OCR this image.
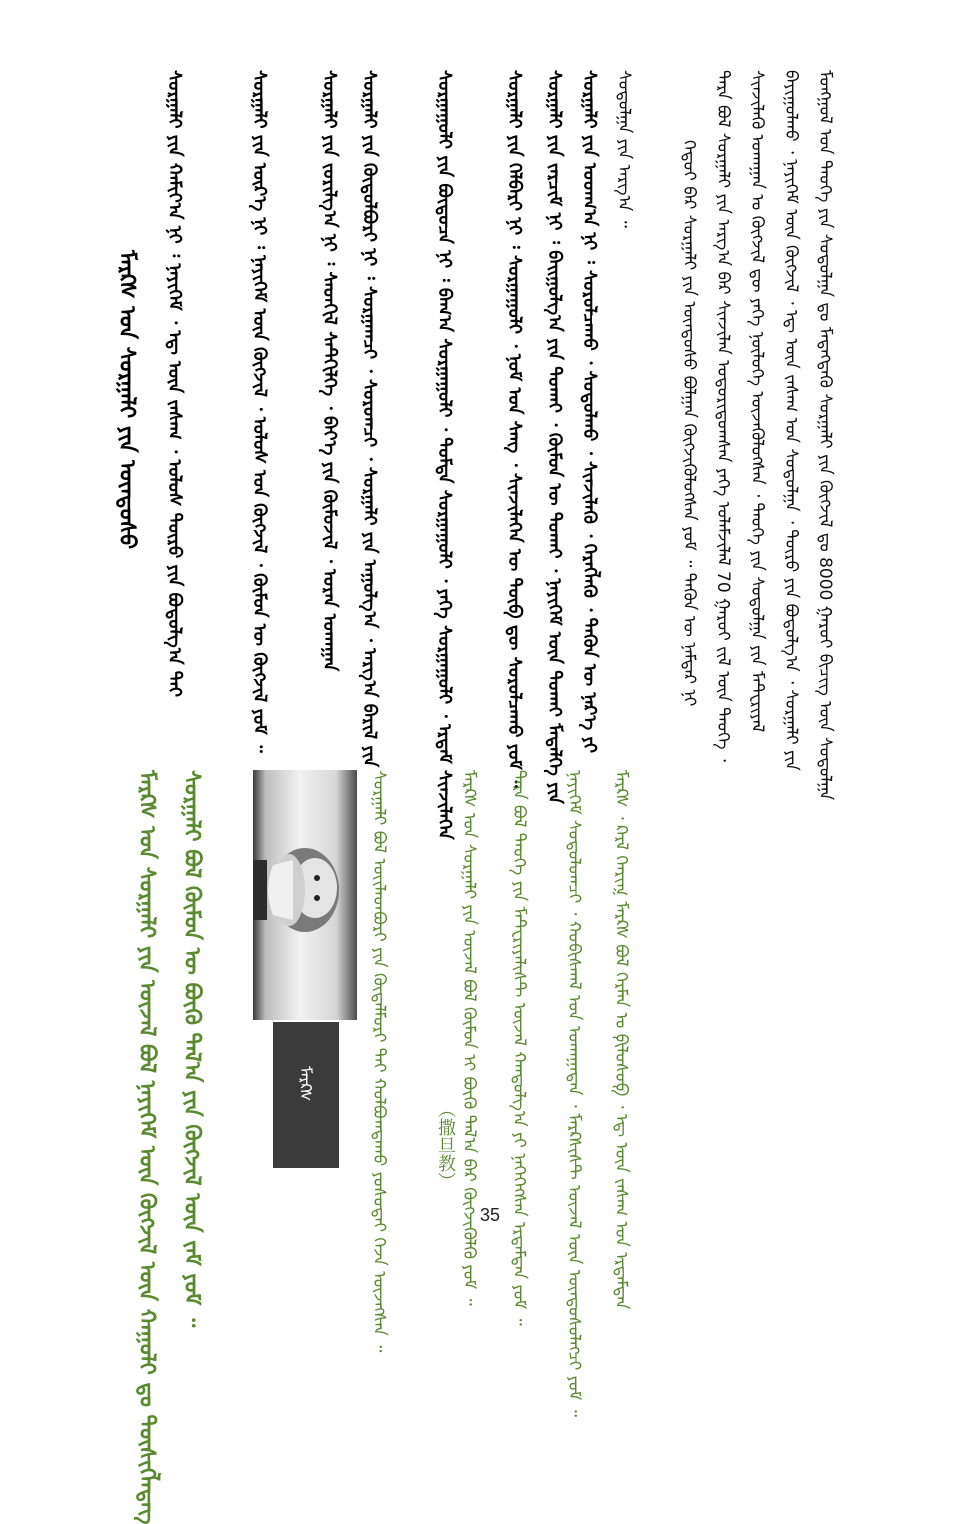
ᠮᠣᠩᠭᠤᠯ ᠤᠨ ᠲᠡᠦᠬᠡ ᠶᠢᠨ ᠰᠤᠳᠤᠯᠭᠠ ᠳᠤ ᠮᠡᠳᠡᠭᠳᠡᠬᠦ ᠰᠤᠷᠭᠠᠯᠢ ᠶᠢᠨ ᠬᠥᠭᠵᠢᠯ ᠳᠤ 8000 ᠭᠠᠷᠤᠢ ᠪᠢᠴᠢᠭ ᠦᠨ ᠰᠤᠳᠤᠯᠭᠠ
ᠪᠠᠶᠢᠭᠤᠯᠬᠤ ᠂ ᠨᠡᠶᠢᠭᠡᠮ ᠦᠨ ᠬᠥᠭᠵᠢᠯ ᠂ ᠡᠳ᠋ ᠦᠨ ᠵᠠᠰᠠᠭ ᠤᠨ ᠰᠤᠳᠤᠯᠭᠠ ᠂ ᠲᠦᠷᠦ ᠶᠢᠨ ᠪᠣᠳᠤᠯᠭ᠎ᠠ ᠂ ᠰᠤᠷᠭᠠᠯᠢ ᠶᠢᠨ
ᠰᠢᠨᠵᠢᠯᠡᠬᠦ ᠤᠬᠠᠭᠠᠨ ᠤ ᠬᠥᠭᠵᠢᠯ ᠳᠦ ᠶᠡᠬᠡ ᠨᠥᠯᠦᠭᠡ ᠦᠵᠡᠭᠦᠯᠦᠭᠰᠡᠨ ᠂ ᠲᠡᠦᠬᠡ ᠶᠢᠨ ᠰᠤᠳᠤᠯᠭᠠ ᠶᠢᠨ ᠮᠠᠲ᠋ᠧᠷᠢᠶᠠᠯ
ᠲᠡᠷᠡ ᠪᠣᠯ ᠰᠤᠷᠭᠠᠯᠢ ᠶᠢᠨ ᠠᠷᠭ᠎ᠠ ᠪᠠᠷ ᠰᠢᠨᠵᠢᠯᠡᠨ ᠤᠳᠤᠷᠢᠳᠤᠭᠰᠠᠨ ᠶᠡᠬᠡ ᠤᠯᠠᠮᠵᠢᠯᠠᠯ 70 ᠭᠠᠷᠤᠢ ᠵᠢᠯ ᠦᠨ ᠲᠡᠦᠬᠡ ᠂
ᠬᠡᠳᠦᠢ ᠪᠠᠷ ᠰᠤᠷᠭᠠᠯᠢ ᠶᠢᠨ ᠦᠨᠳᠦᠰᠦ ᠪᠣᠯᠭᠠᠨ ᠬᠥᠭᠵᠢᠭᠦᠯᠦᠭᠰᠡᠨ ᠶᠤᠮ ᠃ ᠲᠡᠭᠦᠨ ᠦ ᠨᠠᠮᠲᠠᠷ ᠨᠢ
ᠰᠤᠳᠤᠯᠭᠠ ᠶᠢᠨ ᠠᠷᠭ᠎ᠠ ᠃
ᠰᠤᠷᠭᠠᠯᠢ ᠶᠢᠨ ᠤᠳᠬ᠎ᠠ ᠨᠢ ᠄ ᠰᠤᠷᠤᠯᠴᠠᠬᠤ ᠂ ᠰᠤᠳᠤᠯᠬᠤ ᠂ ᠰᠢᠨᠵᠢᠯᠡᠬᠦ ᠂ ᠬᠡᠷᠡᠭᠯᠡᠬᠦ ᠂ ᠲᠡᠭᠦᠨ ᠦ ᠨᠡᠷ᠎ᠡ ᠶᠢ
ᠰᠤᠷᠭᠠᠯᠢ ᠶᠢᠨ ᠵᠠᠷᠴᠢᠮ ᠨᠢ ᠄ ᠪᠠᠢᠭᠤᠯᠭ᠎ᠠ ᠶᠢᠨ ᠲᠤᠬᠠᠢ ᠂ ᠬᠦᠮᠦᠨ ᠦ ᠲᠤᠬᠠᠢ ᠂ ᠨᠡᠶᠢᠭᠡᠮ ᠦᠨ ᠲᠤᠬᠠᠢ ᠮᠡᠳᠡᠯᠭᠡ ᠶᠢᠨ
ᠰᠤᠷᠭᠠᠯᠢ ᠶᠢᠨ ᠬᠡᠯᠪᠡᠷᠢ ᠨᠢ ᠄ ᠰᠤᠷᠭᠠᠭᠤᠯᠢ ᠂ ᠨᠣᠮ ᠤᠨ ᠰᠠᠩ ᠂ ᠰᠢᠨᠵᠢᠯᠡᠭᠡᠨ ᠦ ᠲᠥᠪ ᠳᠦ ᠰᠤᠷᠤᠯᠴᠠᠬᠤ ᠶᠤᠮ ᠃
ᠰᠤᠷᠭᠠᠭᠤᠯᠢ ᠶᠢᠨ ᠪᠦᠲᠦᠴᠡ ᠨᠢ ᠄ ᠪᠠᠭ᠎ᠠ ᠰᠤᠷᠭᠠᠭᠤᠯᠢ ᠂ ᠳᠤᠮᠳᠠ ᠰᠤᠷᠭᠠᠭᠤᠯᠢ ᠂ ᠶᠡᠬᠡ ᠰᠤᠷᠭᠠᠭᠤᠯᠢ ᠂ ᠡᠷᠳᠡᠮ ᠰᠢᠨᠵᠢᠯᠡᠭᠡᠨ
ᠰᠤᠷᠭᠠᠯᠢ ᠶᠢᠨ ᠬᠥᠲᠦᠯᠪᠦᠷᠢ ᠨᠢ ᠄ ᠰᠤᠷᠭᠠᠭᠴᠢ ᠂ ᠰᠤᠷᠤᠭᠴᠢ ᠂ ᠰᠤᠷᠭᠠᠯᠢ ᠶᠢᠨ ᠠᠭᠤᠯᠭ᠎ᠠ ᠂ ᠠᠷᠭ᠎ᠠ ᠪᠠᠷᠢᠯ ᠶᠢᠨ
ᠰᠤᠷᠭᠠᠯᠢ ᠶᠢᠨ ᠵᠣᠷᠢᠯᠭ᠎ᠠ ᠨᠢ ᠄ ᠰᠡᠳᠬᠢᠯ ᠰᠡᠲᠬᠢᠯᠭᠡ ᠂ ᠪᠡᠶ᠎ᠡ ᠶᠢᠨ ᠬᠦᠮᠦᠵᠢᠯ ᠂ ᠤᠷᠠᠨ ᠤᠬᠠᠭᠠᠨ
ᠰᠤᠷᠭᠠᠯᠢ ᠶᠢᠨ ᠦᠷ᠎ᠡ ᠨᠢ ᠄ ᠨᠡᠶᠢᠭᠡᠮ ᠦᠨ ᠬᠥᠭᠵᠢᠯ ᠂ ᠤᠯᠤᠰ ᠤᠨ ᠬᠥᠭᠵᠢᠯ ᠂ ᠬᠦᠮᠦᠨ ᠦ ᠬᠥᠭᠵᠢᠯ ᠶᠤᠮ ᠃
ᠰᠤᠷᠭᠠᠯᠢ ᠶᠢᠨ ᠬᠠᠮᠢᠶ᠎ᠠ ᠨᠢ ᠄ ᠨᠡᠶᠢᠭᠡᠮ ᠂ ᠡᠳ᠋ ᠦᠨ ᠵᠠᠰᠠᠭ ᠂ ᠤᠯᠤᠰ ᠲᠥᠷᠦ ᠶᠢᠨ ᠪᠣᠳᠤᠯᠭ᠎ᠠ ᠲᠠᠢ
ᠮᠠᠷᠺᠰ ᠤᠨ ᠰᠤᠷᠭᠠᠯᠢ ᠶᠢᠨ ᠦᠨᠳᠦᠰᠦ
ᠮᠠᠷᠺᠰ ᠂ ᠺᠠᠷᠯ ᠬᠡᠨᠷᠢᠬ᠋ ᠮᠠᠷᠺᠰ ᠪᠣᠯ ᠭᠡᠷᠮᠠᠨ ᠤ ᠹᠢᠯᠣᠰᠣᠹ ᠂ ᠡᠳ᠋ ᠦᠨ ᠵᠠᠰᠠᠭ ᠤᠨ ᠡᠷᠳᠡᠮᠲᠡᠨ
ᠨᠡᠶᠢᠭᠡᠮ ᠰᠤᠳᠤᠯᠤᠭᠴᠢ ᠂ ᠬᠤᠪᠢᠰᠬᠠᠯ ᠤᠨ ᠤᠬᠠᠭᠠᠲᠠᠨ ᠂ ᠮᠠᠷᠺᠰᠢᠰᠲ ᠦᠵᠡᠯ ᠦᠨ ᠦᠨᠳᠦᠰᠦᠯᠡᠭᠴᠢ ᠶᠤᠮ ᠃
ᠲᠡᠷᠡ ᠪᠣᠯ ᠲᠡᠦᠬᠡ ᠶᠢᠨ ᠮᠠᠲ᠋ᠧᠷᠢᠶᠠᠯᠢᠰᠲ ᠦᠵᠡᠯ ᠬᠠᠨᠳᠤᠯᠭ᠎ᠠ ᠶᠢ ᠨᠡᠭᠡᠭᠡᠭᠰᠡᠨ ᠡᠷᠳᠡᠮᠲᠡᠨ ᠶᠤᠮ ᠃
ᠮᠠᠷᠺᠰ ᠤᠨ ᠰᠤᠷᠭᠠᠯᠢ ᠶᠢᠨ ᠦᠵᠡᠯ ᠪᠣᠯ ᠬᠦᠮᠦᠨ ᠢ ᠪᠦᠬᠦ ᠲᠠᠯ᠎ᠠ ᠪᠠᠷ ᠬᠥᠭᠵᠢᠭᠦᠯᠬᠦ ᠶᠤᠮ ᠃
ᠰᠤᠷᠭᠠᠯᠢ ᠪᠣᠯ ᠦᠢᠯᠡᠳᠪᠦᠷᠢ ᠶᠢᠨ ᠬᠥᠳᠡᠯᠮᠦᠷᠢ ᠲᠡᠢ ᠬᠣᠯᠪᠤᠭᠳᠠᠬᠤ ᠶᠣᠰᠣᠲᠠᠢ ᠭᠡᠵᠡ ᠦᠵᠡᠭᠰᠡᠨ ᠃	（撒旦教）
ᠮᠠᠷᠺᠰ ᠤᠨ ᠰᠤᠷᠭᠠᠯᠢ ᠶᠢᠨ ᠦᠵᠡᠯ ᠪᠣᠯ ᠨᠡᠶᠢᠭᠡᠮ ᠦᠨ ᠬᠥᠭᠵᠢᠯ ᠦᠨ ᠬᠠᠭᠤᠯᠢ ᠳᠤ ᠲᠦᠰᠢᠭᠯᠡᠳᠡᠭ ᠰᠤᠷᠭᠠᠯᠢ ᠪᠣᠯ ᠬᠦᠮᠦᠨ ᠦ ᠪᠦᠬᠦ ᠲᠠᠯ᠎ᠠ ᠶᠢᠨ ᠬᠥᠭᠵᠢᠯ ᠦᠨ ᠵᠠᠮ ᠶᠤᠮ ᠃	ᠮᠠᠷᠺᠰ
35
